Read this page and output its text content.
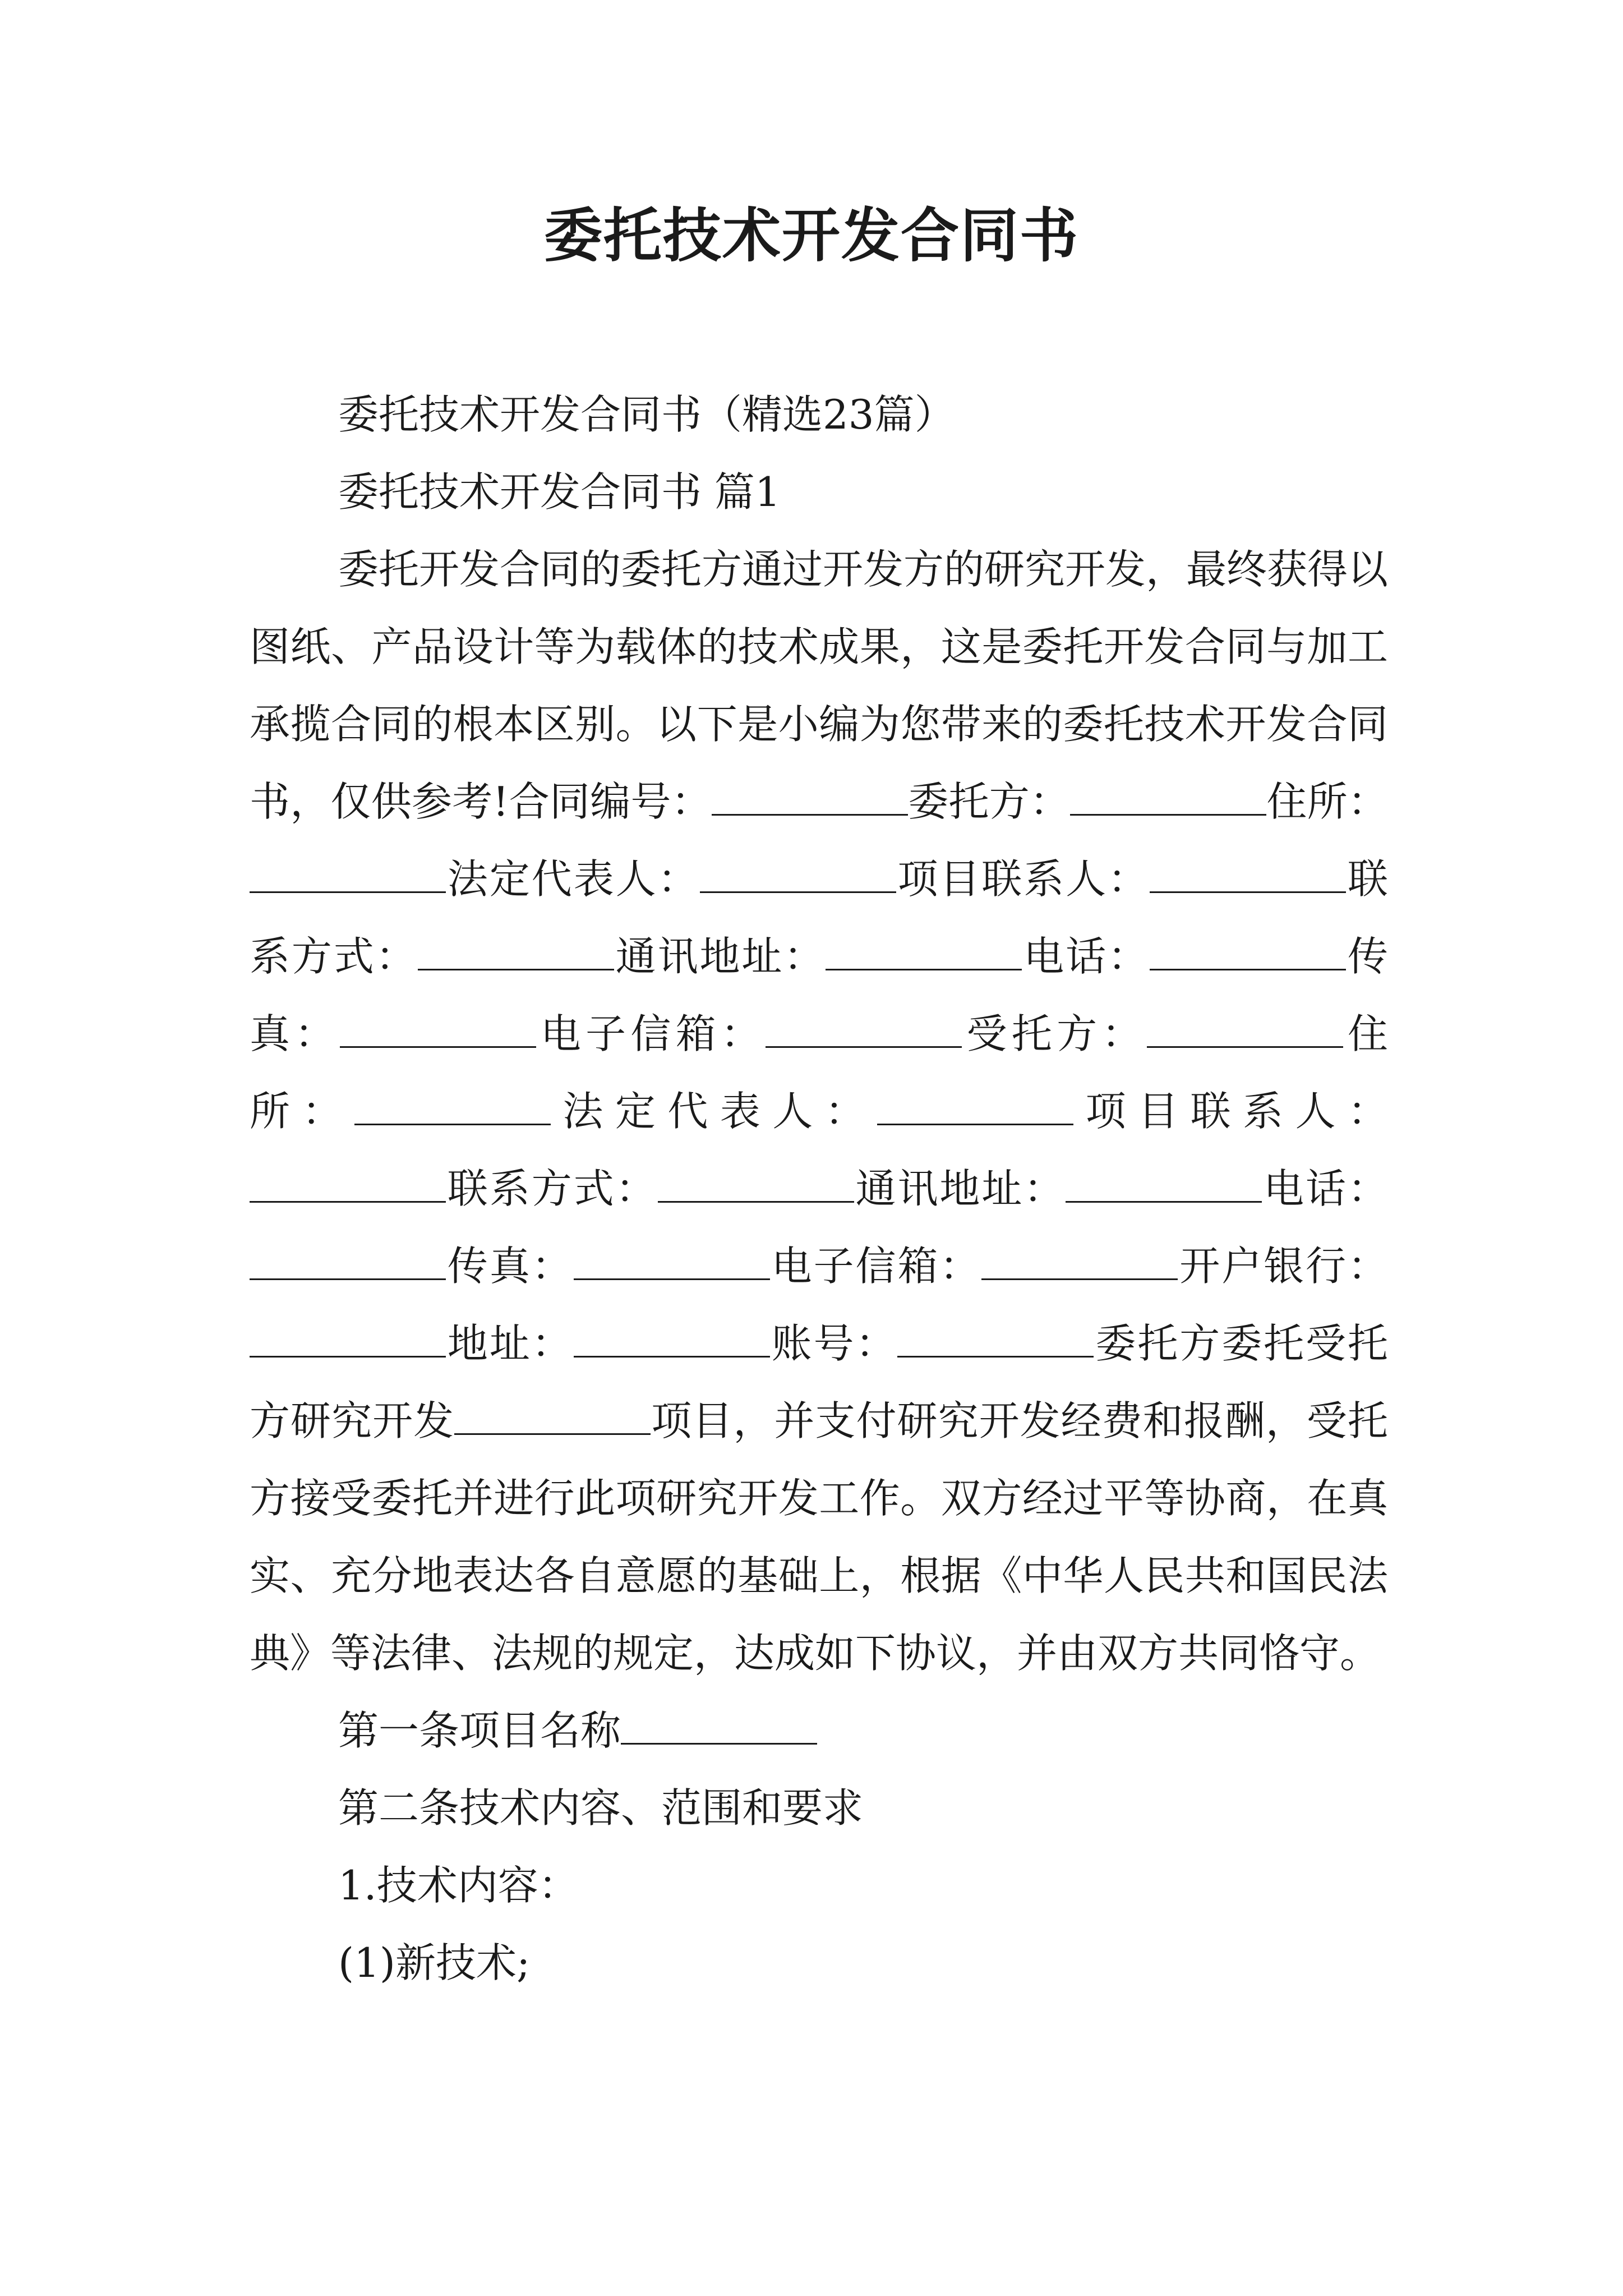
委托技术开发合同书

委托技术开发合同书（精选23篇）

委托技术开发合同书 篇1

委托开发合同的委托方通过开发方的研究开发，最终获得以图纸、产品设计等为载体的技术成果，这是委托开发合同与加工承揽合同的根本区别。以下是小编为您带来的委托技术开发合同书，仅供参考!合同编号：	委托方：	住所：法定代表人：	项目联系人：	联系方式：	通讯地址：	电话：	传真：	电子信箱：	受托方：	住所：	法定代表人：	项目联系人：联系方式：	通讯地址：	电话：传真：	电子信箱：	开户银行：地址：	账号：	委托方委托受托方研究开发	项目，并支付研究开发经费和报酬，受托方接受委托并进行此项研究开发工作。双方经过平等协商，在真实、充分地表达各自意愿的基础上，根据《中华人民共和国民法典》等法律、法规的规定，达成如下协议，并由双方共同恪守。

第一条项目名称

第二条技术内容、范围和要求

1.技术内容：

(1)新技术;
